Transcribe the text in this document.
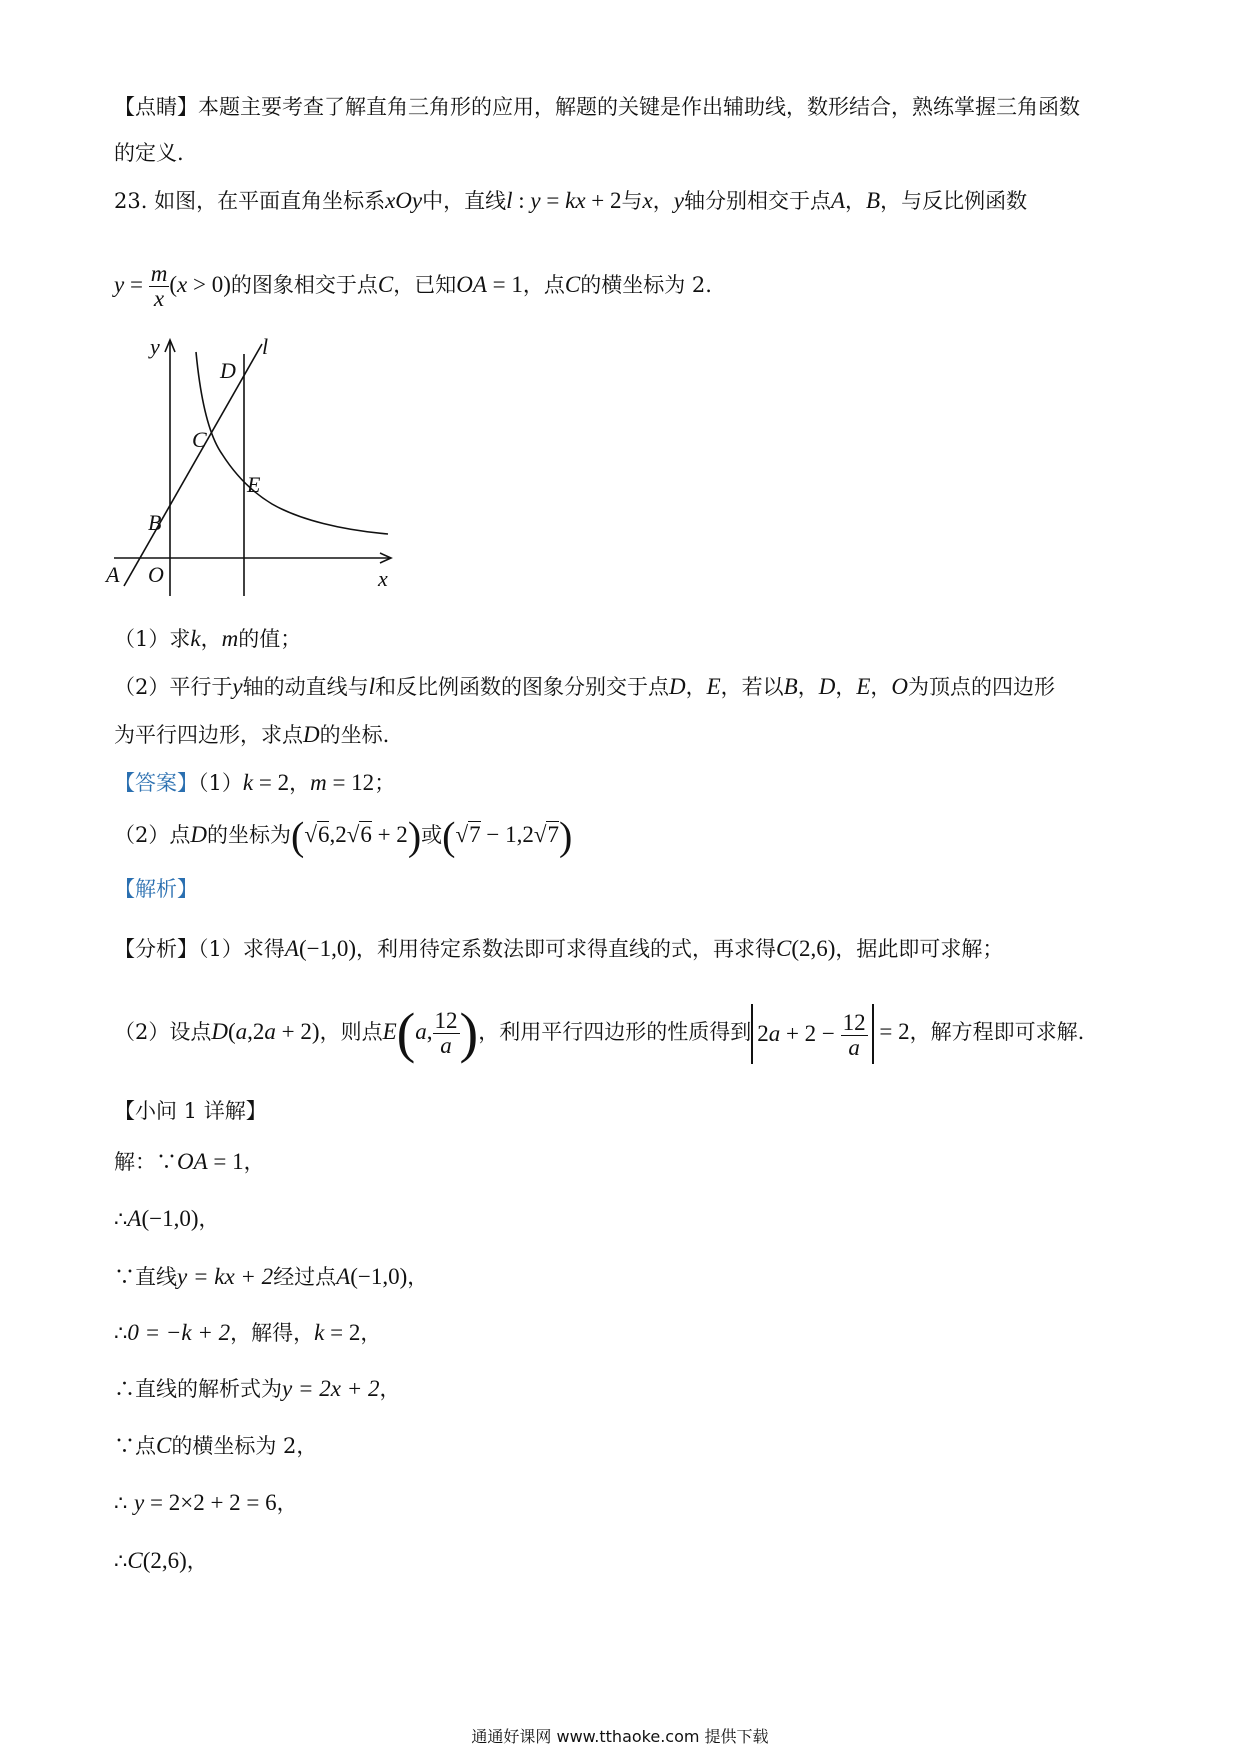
【点睛】本题主要考查了解直角三角形的应用，解题的关键是作出辅助线，数形结合，熟练掌握三角函数
的定义.
23. 如图，在平面直角坐标系xOy中，直线l : y = kx + 2与x，y轴分别相交于点A，B，与反比例函数
$y = \frac{m}{x} (x > 0)$的图象相交于点C，已知OA = 1，点C的横坐标为 2.
y
x
l
A O
B
C
D
E
（1）求k，m的值；
（2）平行于y轴的动直线与l和反比例函数的图象分别交于点D，E，若以B，D，E，O为顶点的四边形
为平行四边形，求点D的坐标.
【答案】（1）k = 2，m = 12；
（2）点D的坐标为(√6,2√6 + 2)或(√7 − 1,2√7)
【解析】
【分析】（1）求得A(−1,0)，利用待定系数法即可求得直线的式，再求得C(2,6)，据此即可求解；
（2）设点D(a,2a + 2)，则点E(a, $\frac{12}{a}$ )，利用平行四边形的性质得到 $2a + 2 - \frac{12}{a} = 2$，解方程即可求解.
【小问 1 详解】
解：∵OA = 1，
∴A(−1,0)，
∵直线y = kx + 2经过点A(−1,0)，
∴0 = −k + 2，解得，k = 2，
∴直线的解析式为y = 2x + 2，
∵点C的横坐标为 2，
∴ y = 2×2 + 2 = 6，
∴C(2,6)，
通通好课网 www.tthaoke.com 提供下载
